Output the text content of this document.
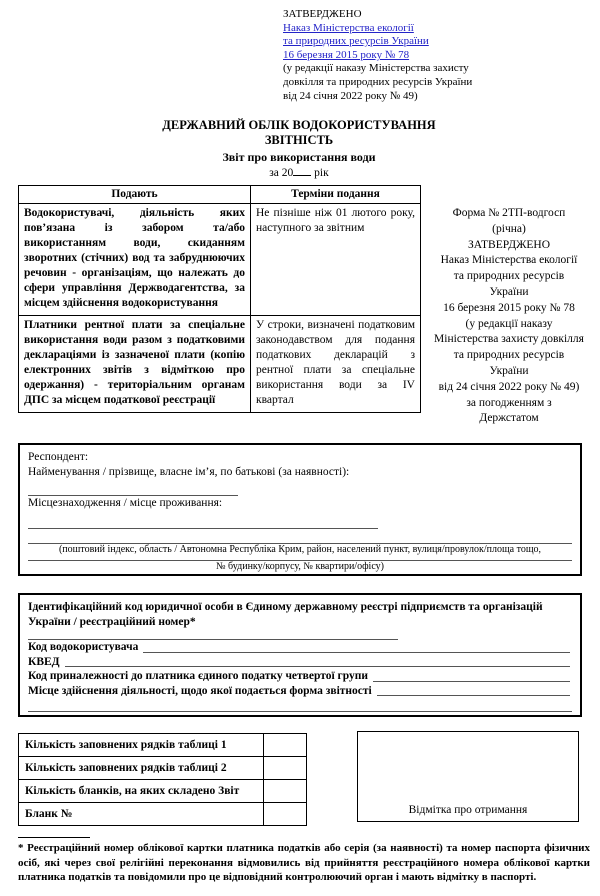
ЗАТВЕРДЖЕНО
Наказ Міністерства екології
та природних ресурсів України
16 березня 2015 року № 78
(у редакції наказу Міністерства захисту
довкілля та природних ресурсів України
від 24 січня 2022 року № 49)
ДЕРЖАВНИЙ ОБЛІК ВОДОКОРИСТУВАННЯ
ЗВІТНІСТЬ
Звіт про використання води
за 20 рік
Подають	Терміни подання
Водокористувачі, діяльність яких пов’язана із забором та/або використанням води, скиданням зворотних (стічних) вод та забруднюючих речовин - організаціям, що належать до сфери управління Держводагентства, за місцем здійснення водокористування	Не пізніше ніж 01 лютого року, наступного за звітним
Платники рентної плати за спеціальне використання води разом з податковими деклараціями із зазначеної плати (копію електронних звітів з відміткою про одержання) - територіальним органам ДПС за місцем податкової реєстрації	У строки, визначені податковим законодавством для подання податкових декларацій з рентної плати за спеціальне використання води за IV квартал
Форма № 2ТП-водгосп
(річна)
ЗАТВЕРДЖЕНО
Наказ Міністерства екології
та природних ресурсів
України
16 березня 2015 року № 78
(у редакції наказу
Міністерства захисту довкілля
та природних ресурсів
України
від 24 січня 2022 року № 49)
за погодженням з
Держстатом
Респондент:
Найменування / прізвище, власне ім’я, по батькові (за наявності):
Місцезнаходження / місце проживання:
(поштовий індекс, область / Автономна Республіка Крим, район, населений пункт, вулиця/провулок/площа тощо,
№ будинку/корпусу, № квартири/офісу)
Ідентифікаційний код юридичної особи в Єдиному державному реєстрі підприємств та організацій України / реєстраційний номер*
Код водокористувача
КВЕД
Код приналежності до платника єдиного податку четвертої групи
Місце здійснення діяльності, щодо якої подається форма звітності
Кількість заповнених рядків таблиці 1	
Кількість заповнених рядків таблиці 2	
Кількість бланків, на яких складено Звіт	
Бланк №		Відмітка про отримання
* Реєстраційний номер облікової картки платника податків або серія (за наявності) та номер паспорта фізичних осіб, які через свої релігійні переконання відмовились від прийняття реєстраційного номера облікової картки платника податків та повідомили про це відповідний контролюючий орган і мають відмітку в паспорті.
